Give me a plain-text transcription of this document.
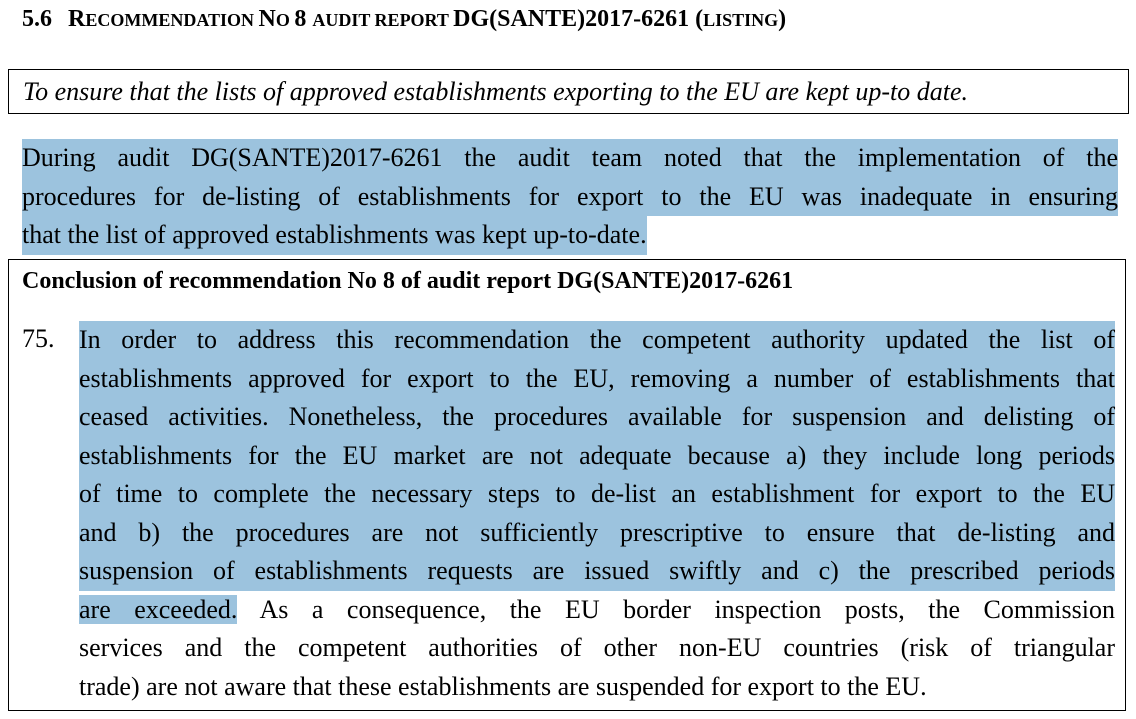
5.6 RECOMMENDATION NO 8 AUDIT REPORT DG(SANTE)2017-6261 (LISTING)
To ensure that the lists of approved establishments exporting to the EU are kept up-to date.
During audit DG(SANTE)2017-6261 the audit team noted that the implementation of the
procedures for de-listing of establishments for export to the EU was inadequate in ensuring
that the list of approved establishments was kept up-to-date.
Conclusion of recommendation No 8 of audit report DG(SANTE)2017-6261
75. In order to address this recommendation the competent authority updated the list of
establishments approved for export to the EU, removing a number of establishments that
ceased activities. Nonetheless, the procedures available for suspension and delisting of
establishments for the EU market are not adequate because a) they include long periods
of time to complete the necessary steps to de-list an establishment for export to the EU
and b) the procedures are not sufficiently prescriptive to ensure that de-listing and
suspension of establishments requests are issued swiftly and c) the prescribed periods
are exceeded. As a consequence, the EU border inspection posts, the Commission
services and the competent authorities of other non-EU countries (risk of triangular
trade) are not aware that these establishments are suspended for export to the EU.
